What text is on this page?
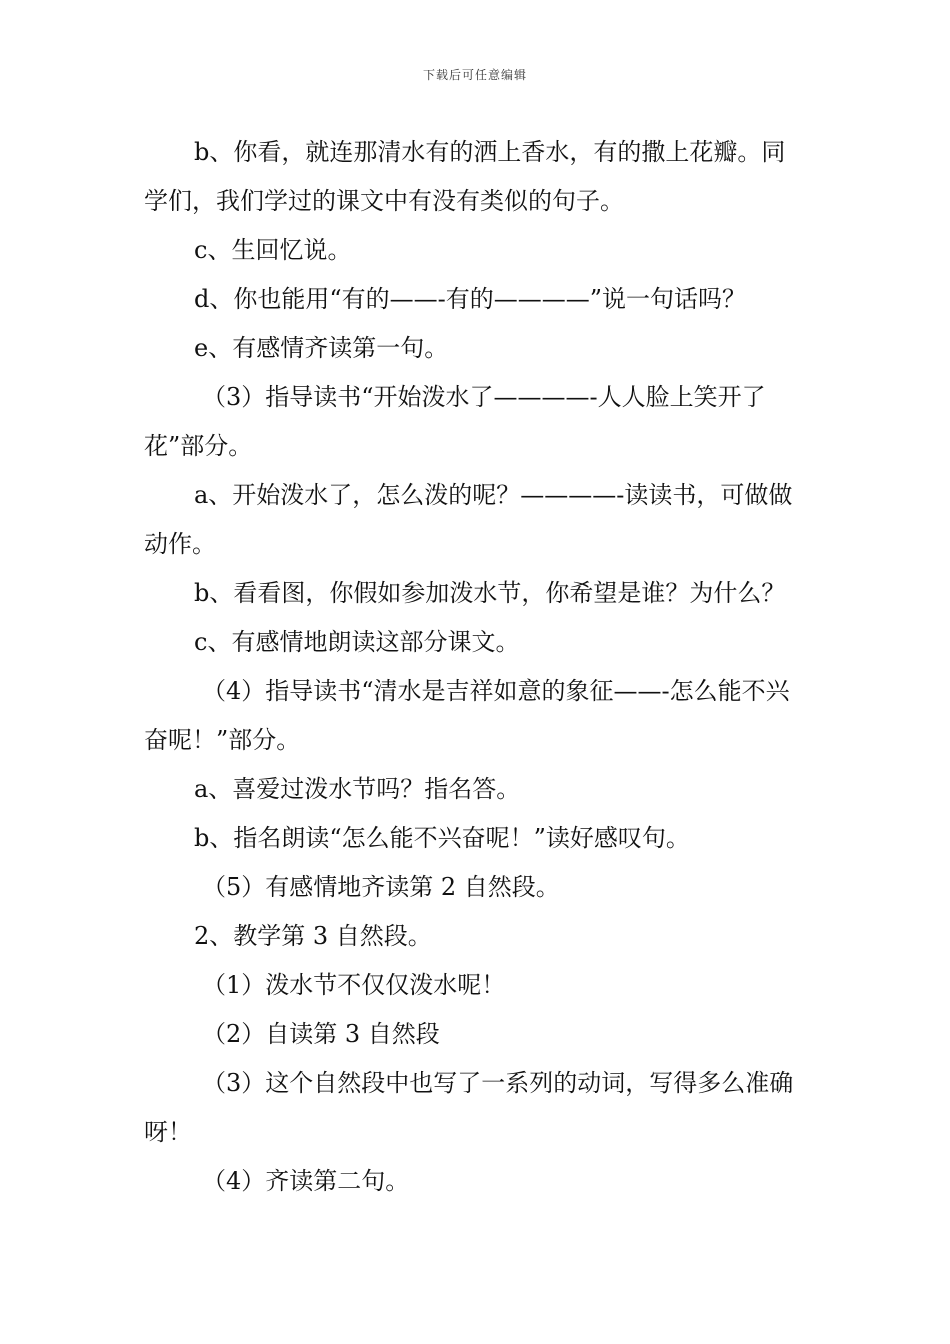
下载后可任意编辑

b、你看，就连那清水有的洒上香水，有的撒上花瓣。同学们，我们学过的课文中有没有类似的句子。

c、生回忆说。

d、你也能用“有的——-有的————”说一句话吗？

e、有感情齐读第一句。

（3）指导读书“开始泼水了————-人人脸上笑开了花”部分。

a、开始泼水了，怎么泼的呢？————-读读书，可做做动作。

b、看看图，你假如参加泼水节，你希望是谁？为什么？

c、有感情地朗读这部分课文。

（4）指导读书“清水是吉祥如意的象征——-怎么能不兴奋呢！”部分。

a、喜爱过泼水节吗？指名答。

b、指名朗读“怎么能不兴奋呢！”读好感叹句。

（5）有感情地齐读第 2 自然段。

2、教学第 3 自然段。

（1）泼水节不仅仅泼水呢！

（2）自读第 3 自然段

（3）这个自然段中也写了一系列的动词，写得多么准确呀！

（4）齐读第二句。
